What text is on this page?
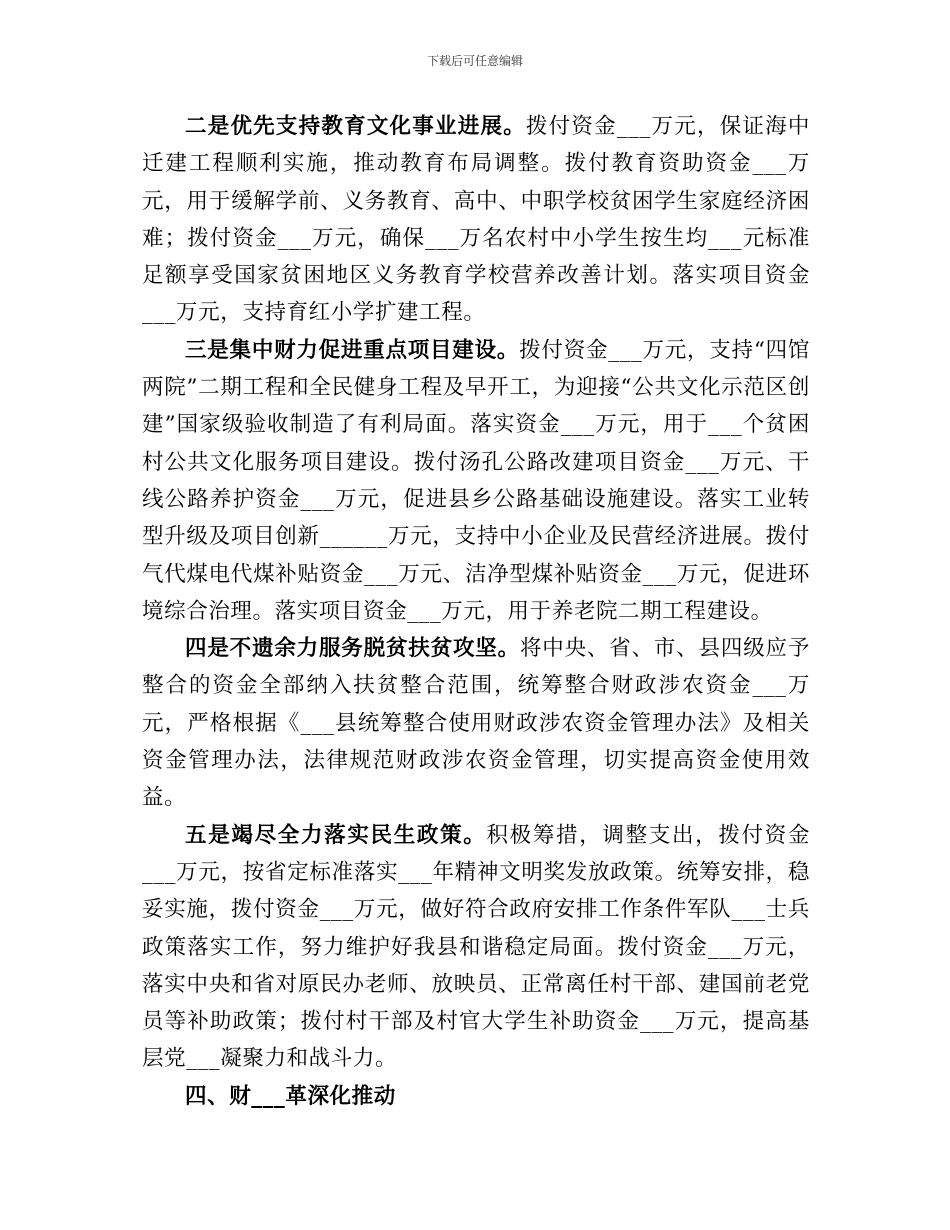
下载后可任意编辑

二是优先支持教育文化事业进展。拨付资金___万元，保证海中迁建工程顺利实施，推动教育布局调整。拨付教育资助资金___万元，用于缓解学前、义务教育、高中、中职学校贫困学生家庭经济困难；拨付资金___万元，确保___万名农村中小学生按生均___元标准足额享受国家贫困地区义务教育学校营养改善计划。落实项目资金___万元，支持育红小学扩建工程。

三是集中财力促进重点项目建设。拨付资金___万元，支持“四馆两院”二期工程和全民健身工程及早开工，为迎接“公共文化示范区创建”国家级验收制造了有利局面。落实资金___万元，用于___个贫困村公共文化服务项目建设。拨付汤孔公路改建项目资金___万元、干线公路养护资金___万元，促进县乡公路基础设施建设。落实工业转型升级及项目创新______万元，支持中小企业及民营经济进展。拨付气代煤电代煤补贴资金___万元、洁净型煤补贴资金___万元，促进环境综合治理。落实项目资金___万元，用于养老院二期工程建设。

四是不遗余力服务脱贫扶贫攻坚。将中央、省、市、县四级应予整合的资金全部纳入扶贫整合范围，统筹整合财政涉农资金___万元，严格根据《___县统筹整合使用财政涉农资金管理办法》及相关资金管理办法，法律规范财政涉农资金管理，切实提高资金使用效益。

五是竭尽全力落实民生政策。积极筹措，调整支出，拨付资金___万元，按省定标准落实___年精神文明奖发放政策。统筹安排，稳妥实施，拨付资金___万元，做好符合政府安排工作条件军队___士兵政策落实工作，努力维护好我县和谐稳定局面。拨付资金___万元，落实中央和省对原民办老师、放映员、正常离任村干部、建国前老党员等补助政策；拨付村干部及村官大学生补助资金___万元，提高基层党___凝聚力和战斗力。

四、财___革深化推动
